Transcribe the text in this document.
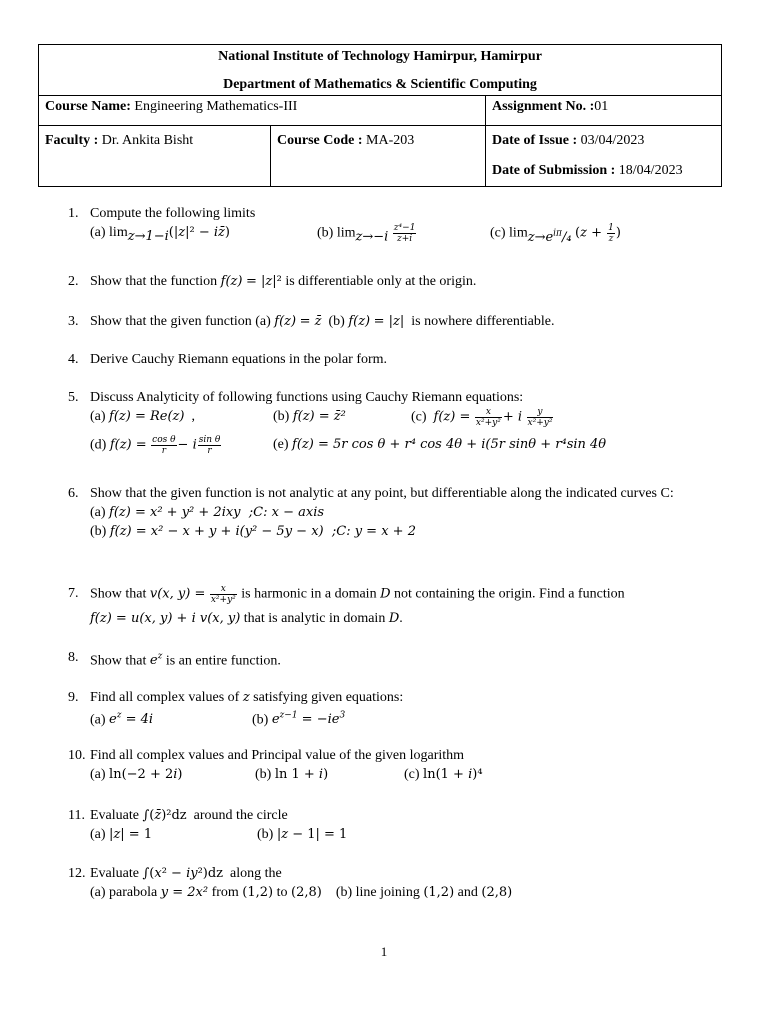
National Institute of Technology Hamirpur, Hamirpur
Department of Mathematics & Scientific Computing		

Course Name: Engineering Mathematics-III		Assignment No. :01
Faculty : Dr. Ankita Bisht	Course Code : MA-203	Date of Issue : 03/04/2023
Date of Submission : 18/04/2023
1. Compute the following limits
(a) $\lim_{z\to 1-i}(|z|^2$ − iz̄)	(b) $\lim_{z\to-i} \frac{\text{z⁴−1}}{z+i}$	(c) $\lim_{z\to e^{i\pi}/_4} (z + \frac{1}{z}$ )
2. Show that the function f(z) = |z|² is differentiable only at the origin.
3. Show that the given function (a) f(z) = z̄ (b) f(z) = |z| is nowhere differentiable.
4. Derive Cauchy Riemann equations in the polar form.
5. Discuss Analyticity of following functions using Cauchy Riemann equations:
(a) f(z) = Re(z)  ,	(b) f(z) = z̄²	(c)  $f(z) = \frac{x}{\text{x²+y²}} + i \frac{y}{\text{x²+y²}}$
(d) $f(z) = \frac{\text{cos θ}}{r} - i \frac{\text{sin θ}}{r}$	(e) f(z) = 5r cos θ + r⁴ cos 4θ + i(5r sinθ + r⁴sin 4θ
6. Show that the given function is not analytic at any point, but differentiable along the indicated curves C:
(a) f(z) = x² + y² + 2ixy  ;C: x − axis
(b) f(z) = x² − x + y + i(y² − 5y − x)  ;C: y = x + 2
7. Show that v(x, $y) = \frac{x}{\text{x²+y²}}$ is harmonic in a domain D not containing the origin. Find a function
f(z) = u(x, y) + i v(x, y) that is analytic in domain D.
8. Show that $e^z$ is an entire function.
9. Find all complex values of z satisfying given equations:
(a) $e^z = 4i$	(b) $e^{z-1} = -ie^3$
10. Find all complex values and Principal value of the given logarithm
(a) ln(−2 + 2i)	(b) ln 1 + i)	(c) ln(1 + i)⁴
11. Evaluate ∫(z̄)²dz around the circle
(a) |z| = 1	(b) |z − 1| = 1
12. Evaluate ∫(x² − iy²)dz along the
(a) parabola y = 2x² from (1,2) to (2,8) (b) line joining (1,2) and (2,8)
1
